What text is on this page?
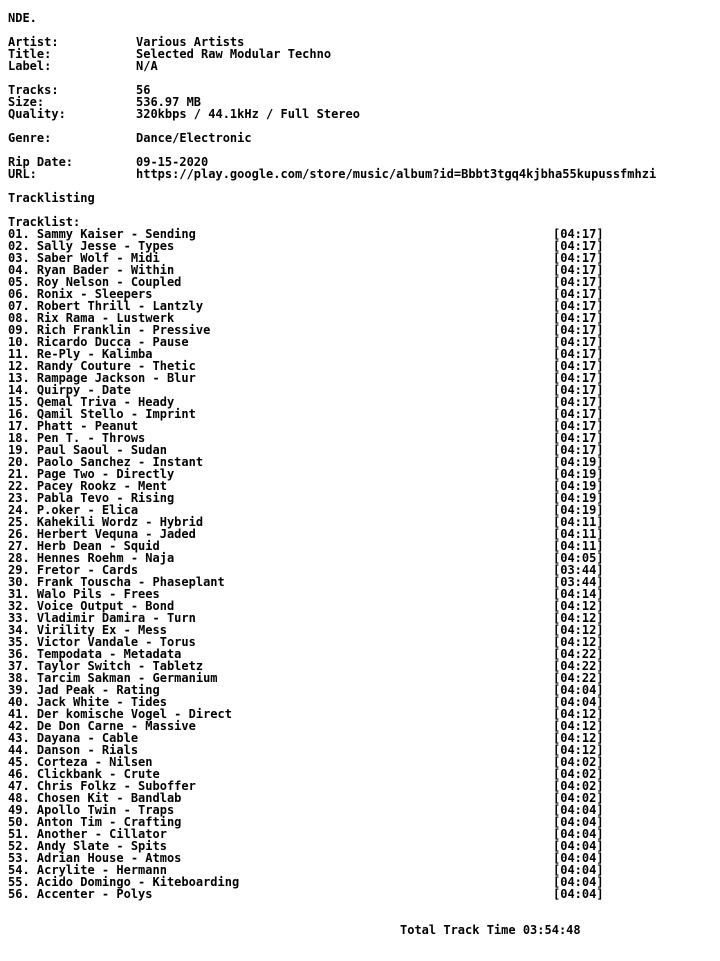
NDE.

Artist:

	Various Artists

Title:

	Selected Raw Modular Techno

Label:

	N/A

Tracks:

	56

Size:

	536.97 MB

Quality:

	320kbps / 44.1kHz / Full Stereo

Genre:

	Dance/Electronic

Rip Date:

	09-15-2020

URL:

	https://play.google.com/store/music/album?id=Bbbt3tgq4kjbha55kupussfmhzi

Tracklisting
Tracklist:
01. Sammy Kaiser - Sending	[04:17]
02. Sally Jesse - Types	[04:17]
03. Saber Wolf - Midi	[04:17]
04. Ryan Bader - Within	[04:17]
05. Roy Nelson - Coupled	[04:17]
06. Ronix - Sleepers	[04:17]
07. Robert Thrill - Lantzly	[04:17]
08. Rix Rama - Lustwerk	[04:17]
09. Rich Franklin - Pressive	[04:17]
10. Ricardo Ducca - Pause	[04:17]
11. Re-Ply - Kalimba	[04:17]
12. Randy Couture - Thetic	[04:17]
13. Rampage Jackson - Blur	[04:17]
14. Quirpy - Date	[04:17]
15. Qemal Triva - Heady	[04:17]
16. Qamil Stello - Imprint	[04:17]
17. Phatt - Peanut	[04:17]
18. Pen T. - Throws	[04:17]
19. Paul Saoul - Sudan	[04:17]
20. Paolo Sanchez - Instant	[04:19]
21. Page Two - Directly	[04:19]
22. Pacey Rookz - Ment	[04:19]
23. Pabla Tevo - Rising	[04:19]
24. P.oker - Elica	[04:19]
25. Kahekili Wordz - Hybrid	[04:11]
26. Herbert Vequna - Jaded	[04:11]
27. Herb Dean - Squid	[04:11]
28. Hennes Roehm - Naja	[04:05]
29. Fretor - Cards	[03:44]
30. Frank Touscha - Phaseplant	[03:44]
31. Walo Pils - Frees	[04:14]
32. Voice Output - Bond	[04:12]
33. Vladimir Damira - Turn	[04:12]
34. Virility Ex - Mess	[04:12]
35. Victor Vandale - Torus	[04:12]
36. Tempodata - Metadata	[04:22]
37. Taylor Switch - Tabletz	[04:22]
38. Tarcim Sakman - Germanium	[04:22]
39. Jad Peak - Rating	[04:04]
40. Jack White - Tides	[04:04]
41. Der komische Vogel - Direct	[04:12]
42. De Don Carne - Massive	[04:12]
43. Dayana - Cable	[04:12]
44. Danson - Rials	[04:12]
45. Corteza - Nilsen	[04:02]
46. Clickbank - Crute	[04:02]
47. Chris Folkz - Suboffer	[04:02]
48. Chosen Kit - Bandlab	[04:02]
49. Apollo Twin - Traps	[04:04]
50. Anton Tim - Crafting	[04:04]
51. Another - Cillator	[04:04]
52. Andy Slate - Spits	[04:04]
53. Adrian House - Atmos	[04:04]
54. Acrylite - Hermann	[04:04]
55. Acido Domingo - Kiteboarding	[04:04]
56. Accenter - Polys	[04:04]

Total Track Time 03:54:48
